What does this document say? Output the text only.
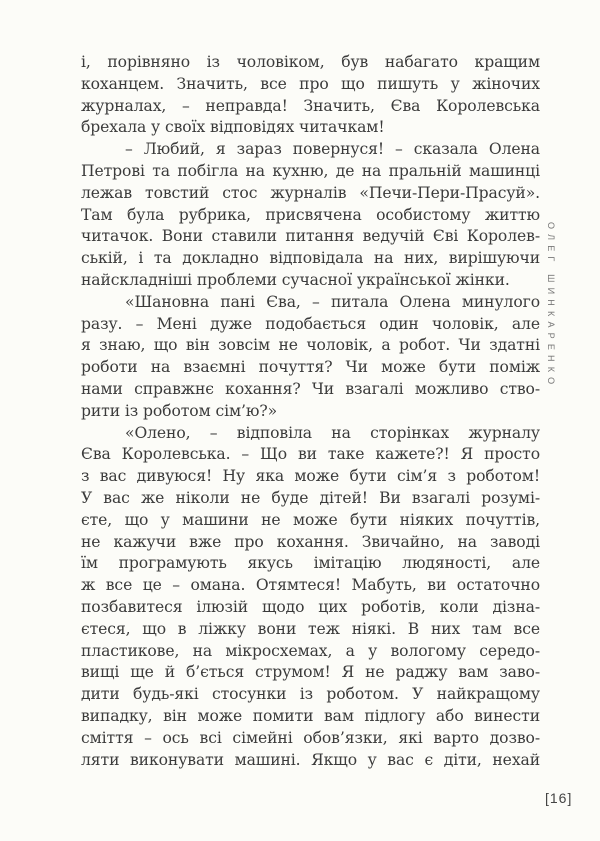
і, порівняно із чоловіком, був набагато кращим
коханцем. Значить, все про що пишуть у жіночих
журналах, – неправда! Значить, Єва Королевська
брехала у своїх відповідях читачкам!
– Любий, я зараз повернуся! – сказала Олена
Петрові та побігла на кухню, де на пральній машинці
лежав товстий стос журналів «Печи-Пери-Прасуй».
Там була рубрика, присвячена особистому життю
читачок. Вони ставили питання ведучій Єві Королев-
ській, і та докладно відповідала на них, вирішуючи
найскладніші проблеми сучасної української жінки.
«Шановна пані Єва, – питала Олена минулого
разу. – Мені дуже подобається один чоловік, але
я знаю, що він зовсім не чоловік, а робот. Чи здатні
роботи на взаємні почуття? Чи може бути поміж
нами справжнє кохання? Чи взагалі можливо ство-
рити із роботом сім’ю?»
«Олено, – відповіла на сторінках журналу
Єва Королевська. – Що ви таке кажете?! Я просто
з вас дивуюся! Ну яка може бути сім’я з роботом!
У вас же ніколи не буде дітей! Ви взагалі розумі-
єте, що у машини не може бути ніяких почуттів,
не кажучи вже про кохання. Звичайно, на заводі
їм програмують якусь імітацію людяності, але
ж все це – омана. Отямтеся! Мабуть, ви остаточно
позбавитеся ілюзій щодо цих роботів, коли дізна-
єтеся, що в ліжку вони теж ніякі. В них там все
пластикове, на мікросхемах, а у вологому середо-
вищі ще й б’ється струмом! Я не раджу вам заво-
дити будь-які стосунки із роботом. У найкращому
випадку, він може помити вам підлогу або винести
сміття – ось всі сімейні обов’язки, які варто дозво-
ляти виконувати машині. Якщо у вас є діти, нехай
ОЛЕГ ШИНКАРЕНКО
[16]
